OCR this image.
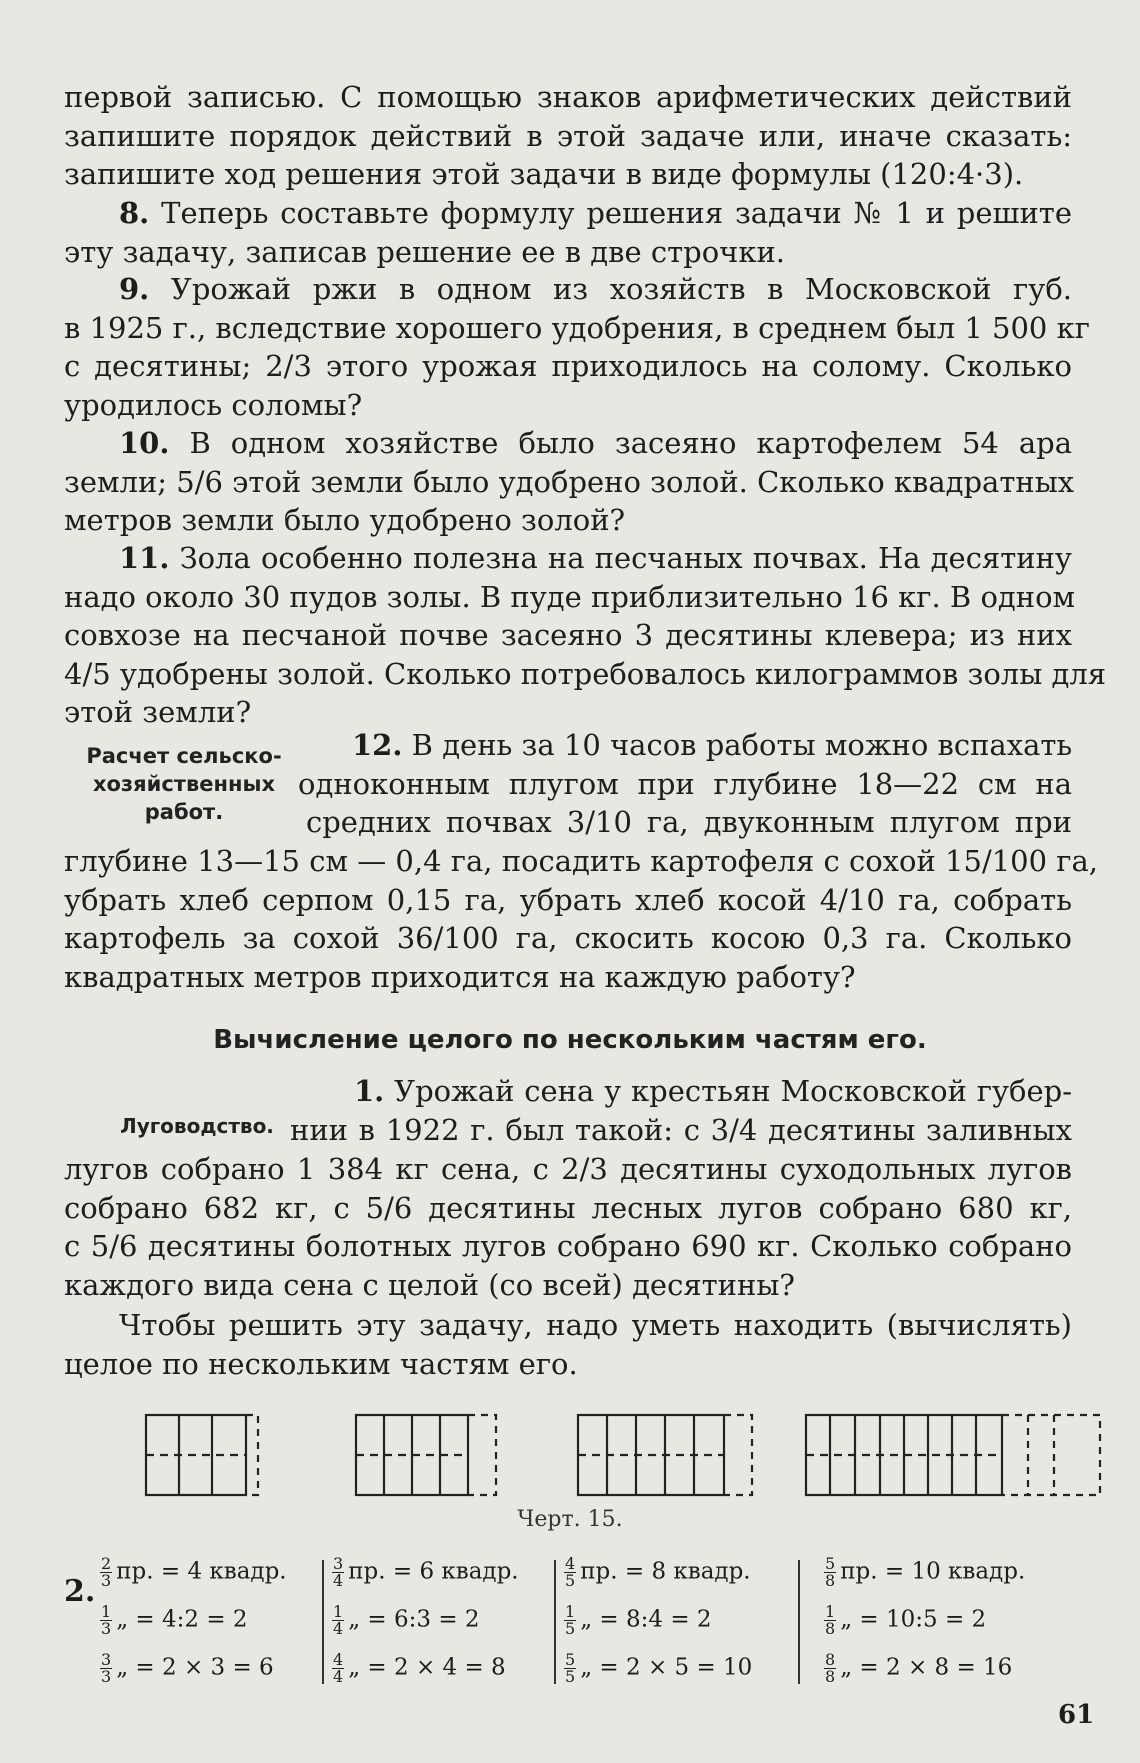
первой записью. С помощью знаков арифметических действий

запишите порядок действий в этой задаче или, иначе сказать:

запишите ход решения этой задачи в виде формулы (120:4·3).

8. Теперь составьте формулу решения задачи № 1 и решите

эту задачу, записав решение ее в две строчки.

9. Урожай ржи в одном из хозяйств в Московской губ.

в 1925 г., вследствие хорошего удобрения, в среднем был 1 500 кг

с десятины; 2/3 этого урожая приходилось на солому. Сколько

уродилось соломы?

10. В одном хозяйстве было засеяно картофелем 54 ара

земли; 5/6 этой земли было удобрено золой. Сколько квадратных

метров земли было удобрено золой?

11. Зола особенно полезна на песчаных почвах. На десятину

надо около 30 пудов золы. В пуде приблизительно 16 кг. В одном

совхозе на песчаной почве засеяно 3 десятины клевера; из них

4/5 удобрены золой. Сколько потребовалось килограммов золы для

этой земли?

Расчет сельско-
хозяйственных
работ.

12. В день за 10 часов работы можно вспахать

одноконным плугом при глубине 18—22 см на

средних почвах 3/10 га, двуконным плугом при

глубине 13—15 см — 0,4 га, посадить картофеля с сохой 15/100 га,

убрать хлеб серпом 0,15 га, убрать хлеб косой 4/10 га, собрать

картофель за сохой 36/100 га, скосить косою 0,3 га. Сколько

квадратных метров приходится на каждую работу?

Вычисление целого по нескольким частям его.
Луговодство.

1. Урожай сена у крестьян Московской губер-

нии в 1922 г. был такой: с 3/4 десятины заливных

лугов собрано 1 384 кг сена, с 2/3 десятины суходольных лугов

собрано 682 кг, с 5/6 десятины лесных лугов собрано 680 кг,

с 5/6 десятины болотных лугов собрано 690 кг. Сколько собрано

каждого вида сена с целой (со всей) десятины?

Чтобы решить эту задачу, надо уметь находить (вычислять)

целое по нескольким частям его.

Черт. 15.
2.
$\frac{2}{3}$ пр. = 4 квадр.
$\frac{1}{3}$ „ = 4:2 = 2
$\frac{3}{3}$ „ = 2 × 3 = 6
$\frac{3}{4}$ пр. = 6 квадр.
$\frac{1}{4}$ „ = 6:3 = 2
$\frac{4}{4}$ „ = 2 × 4 = 8
$\frac{4}{5}$ пр. = 8 квадр.
$\frac{1}{5}$ „ = 8:4 = 2
$\frac{5}{5}$ „ = 2 × 5 = 10
$\frac{5}{8}$ пр. = 10 квадр.
$\frac{1}{8}$ „ = 10:5 = 2
$\frac{8}{8}$ „ = 2 × 8 = 16
61
